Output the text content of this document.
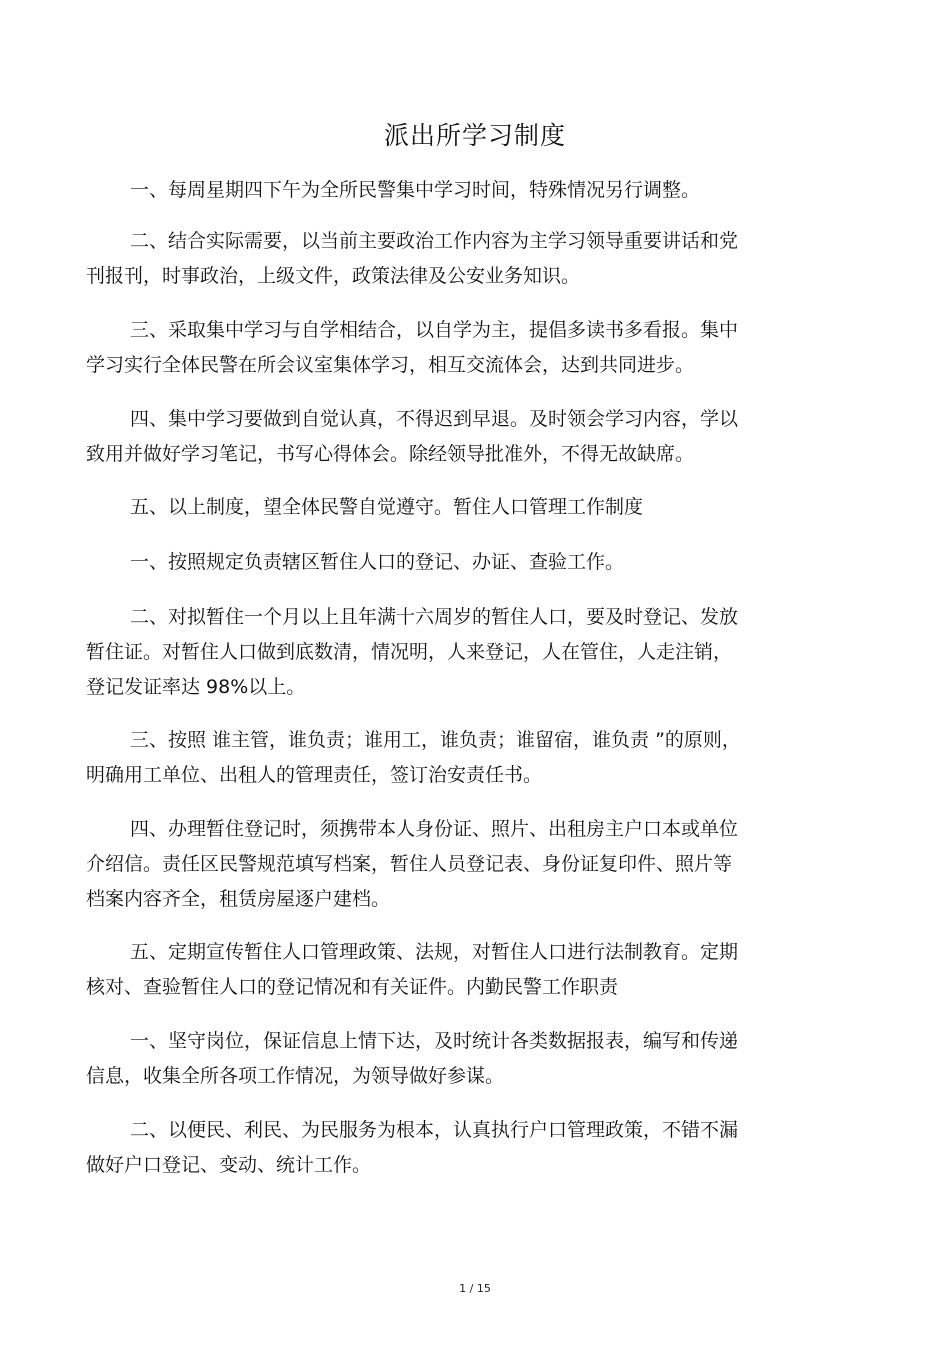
派出所学习制度
一、每周星期四下午为全所民警集中学习时间，特殊情况另行调整。
二、结合实际需要，以当前主要政治工作内容为主学习领导重要讲话和党
刊报刊，时事政治，上级文件，政策法律及公安业务知识。
三、采取集中学习与自学相结合，以自学为主，提倡多读书多看报。集中
学习实行全体民警在所会议室集体学习，相互交流体会，达到共同进步。
四、集中学习要做到自觉认真，不得迟到早退。及时领会学习内容，学以
致用并做好学习笔记，书写心得体会。除经领导批准外，不得无故缺席。
五、以上制度，望全体民警自觉遵守。暂住人口管理工作制度
一、按照规定负责辖区暂住人口的登记、办证、查验工作。
二、对拟暂住一个月以上且年满十六周岁的暂住人口，要及时登记、发放
暂住证。对暂住人口做到底数清，情况明，人来登记，人在管住，人走注销，
登记发证率达 98%以上。
三、按照 谁主管，谁负责；谁用工，谁负责；谁留宿，谁负责 ”的原则，
明确用工单位、出租人的管理责任，签订治安责任书。
四、办理暂住登记时，须携带本人身份证、照片、出租房主户口本或单位
介绍信。责任区民警规范填写档案，暂住人员登记表、身份证复印件、照片等
档案内容齐全，租赁房屋逐户建档。
五、定期宣传暂住人口管理政策、法规，对暂住人口进行法制教育。定期
核对、查验暂住人口的登记情况和有关证件。内勤民警工作职责
一、坚守岗位，保证信息上情下达，及时统计各类数据报表，编写和传递
信息，收集全所各项工作情况，为领导做好参谋。
二、以便民、利民、为民服务为根本，认真执行户口管理政策，不错不漏
做好户口登记、变动、统计工作。
1 / 15
